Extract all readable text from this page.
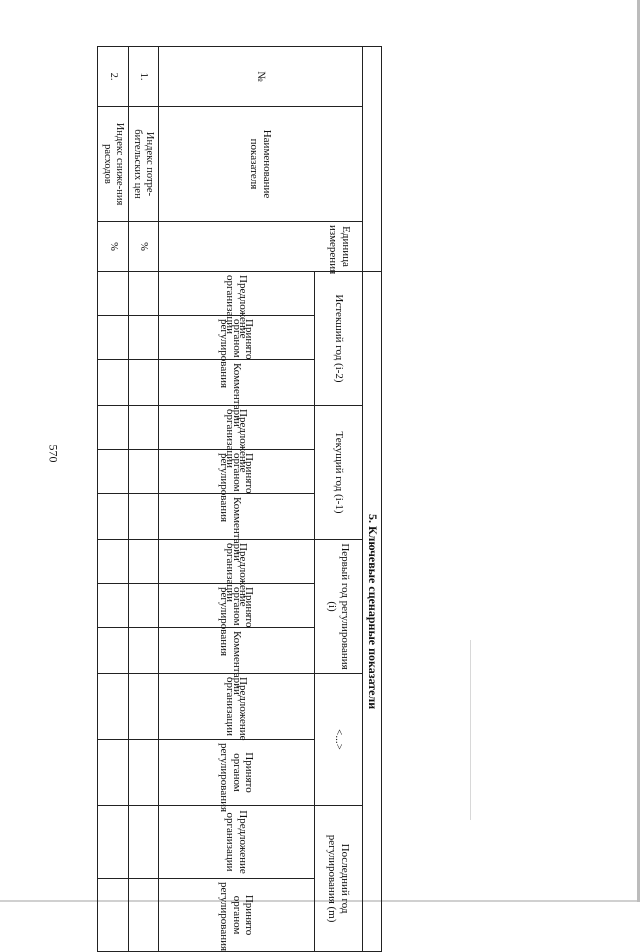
570
			5. Ключевые сценарные показатели												
№	Наименование показателя	Единица измерения	Истекший год (i-2)			Текущий год (i-1)			Первый год регулирования (i)			<...>		Последний год регулирования (m)	
			Предложение организации	Принято органом регулирования	Комментарии	Предложение организации	Принято органом регулирования	Комментарии	Предложение организации	Принято органом регулирования	Комментарии	Предложение организации	Принято органом регулирования	Предложение организации	Принято органом регулирования
1.	Индекс потре-бительских цен	%													
2.	Индекс сниже-ния расходов	%													
